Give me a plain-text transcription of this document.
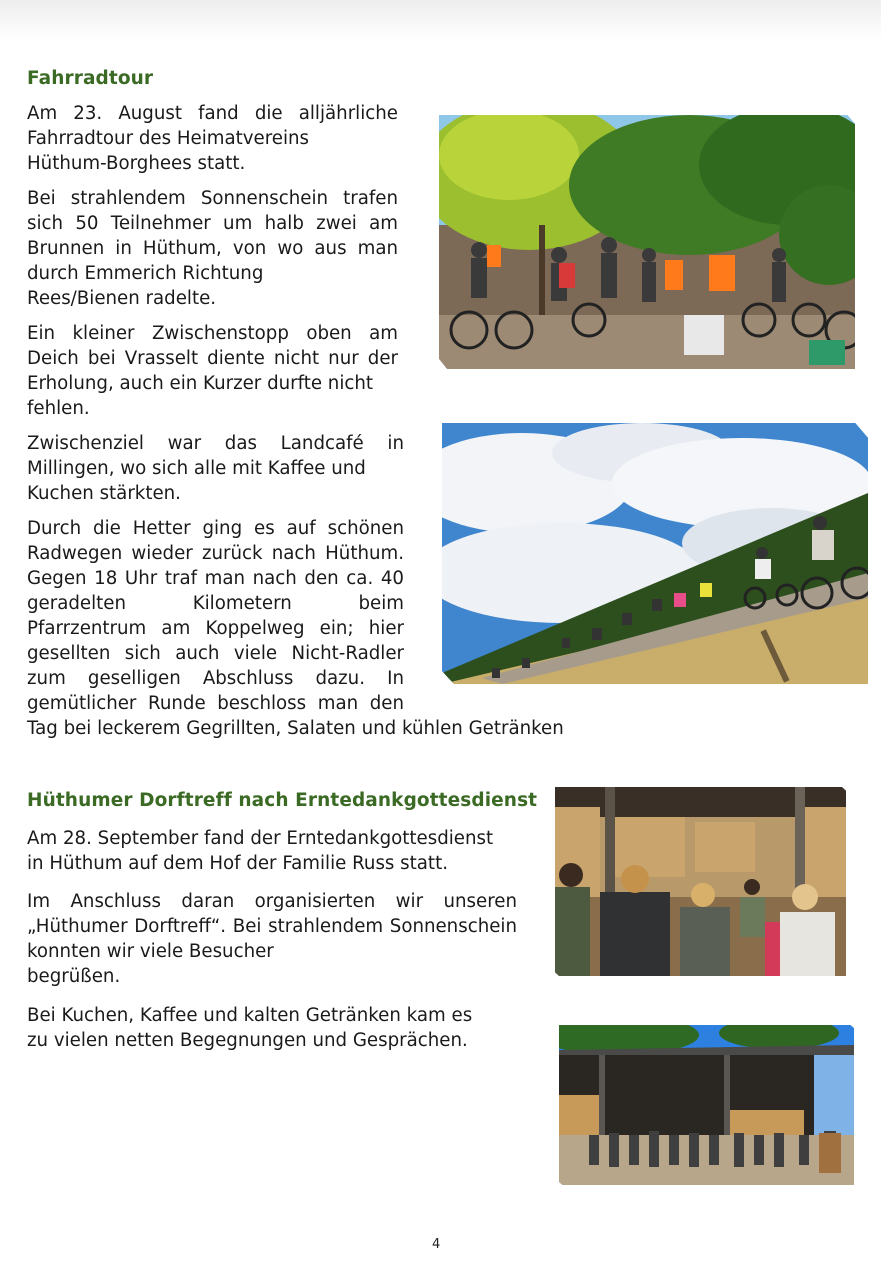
Fahrradtour
Am 23. August fand die alljährliche Fahrradtour des Heimatvereins
Hüthum-Borghees statt.
Bei strahlendem Sonnenschein trafen sich 50 Teilnehmer um halb zwei am Brunnen in Hüthum, von wo aus man durch Emmerich Richtung
Rees/Bienen radelte.
Ein kleiner Zwischenstopp oben am Deich bei Vrasselt diente nicht nur der Erholung, auch ein Kurzer durfte nicht
fehlen.
Zwischenziel war das Landcafé in Millingen, wo sich alle mit Kaffee und
Kuchen stärkten.
Durch die Hetter ging es auf schönen Radwegen wieder zurück nach Hüthum. Gegen 18 Uhr traf man nach den ca. 40 geradelten Kilometern beim Pfarrzentrum am Koppelweg ein; hier gesellten sich auch viele Nicht-Radler zum geselligen Abschluss dazu. In gemütlicher Runde beschloss man den
Tag bei leckerem Gegrillten, Salaten und kühlen Getränken
Hüthumer Dorftreff nach Erntedankgottesdienst
Am 28. September fand der Erntedankgottesdienst
in Hüthum auf dem Hof der Familie Russ statt.
Im Anschluss daran organisierten wir unseren „Hüthumer Dorftreff“. Bei strahlendem Sonnenschein konnten wir viele Besucher
begrüßen.
Bei Kuchen, Kaffee und kalten Getränken kam es
zu vielen netten Begegnungen und Gesprächen.
4
